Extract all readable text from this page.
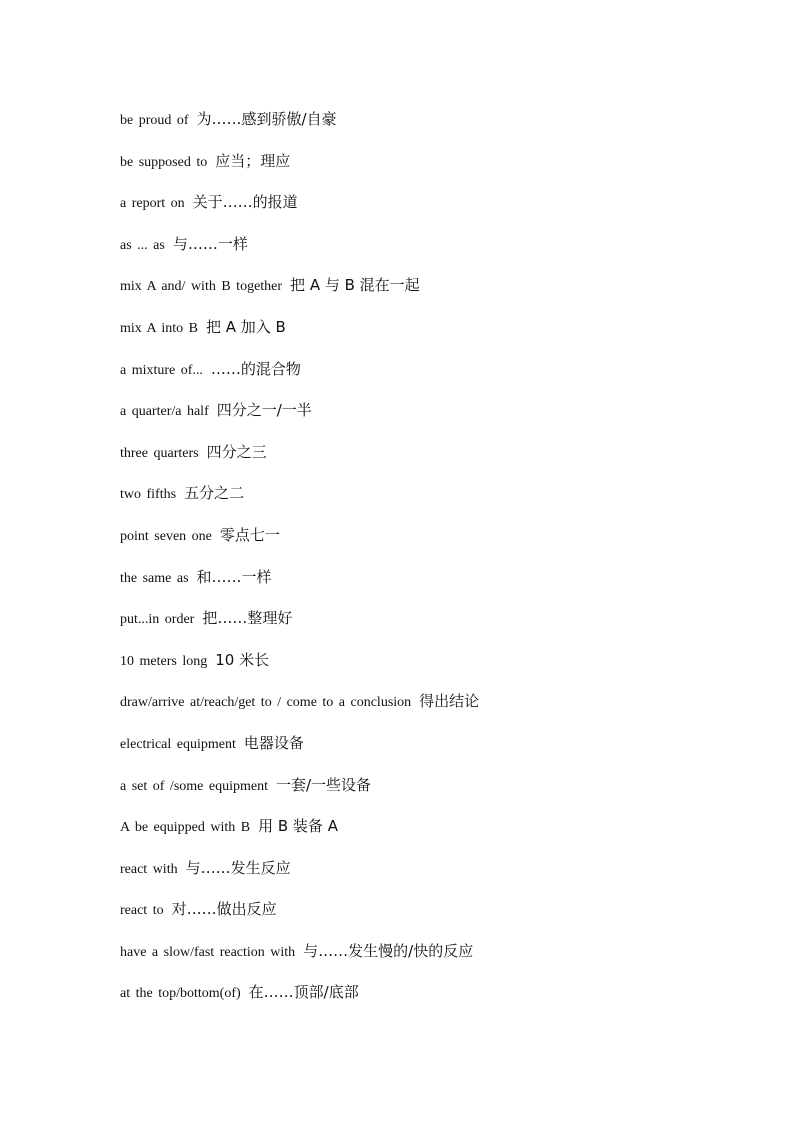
be proud of 为……感到骄傲/自豪
be supposed to 应当；理应
a report on 关于……的报道
as ... as 与……一样
mix A and/ with B together 把 A 与 B 混在一起
mix A into B 把 A 加入 B
a mixture of... ……的混合物
a quarter/a half 四分之一/一半
three quarters 四分之三
two fifths 五分之二
point seven one 零点七一
the same as 和……一样
put...in order 把……整理好
10 meters long 10 米长
draw/arrive at/reach/get to / come to a conclusion 得出结论
electrical equipment 电器设备
a set of /some equipment 一套/一些设备
A be equipped with B 用 B 装备 A
react with 与……发生反应
react to 对……做出反应
have a slow/fast reaction with 与……发生慢的/快的反应
at the top/bottom(of) 在……顶部/底部
